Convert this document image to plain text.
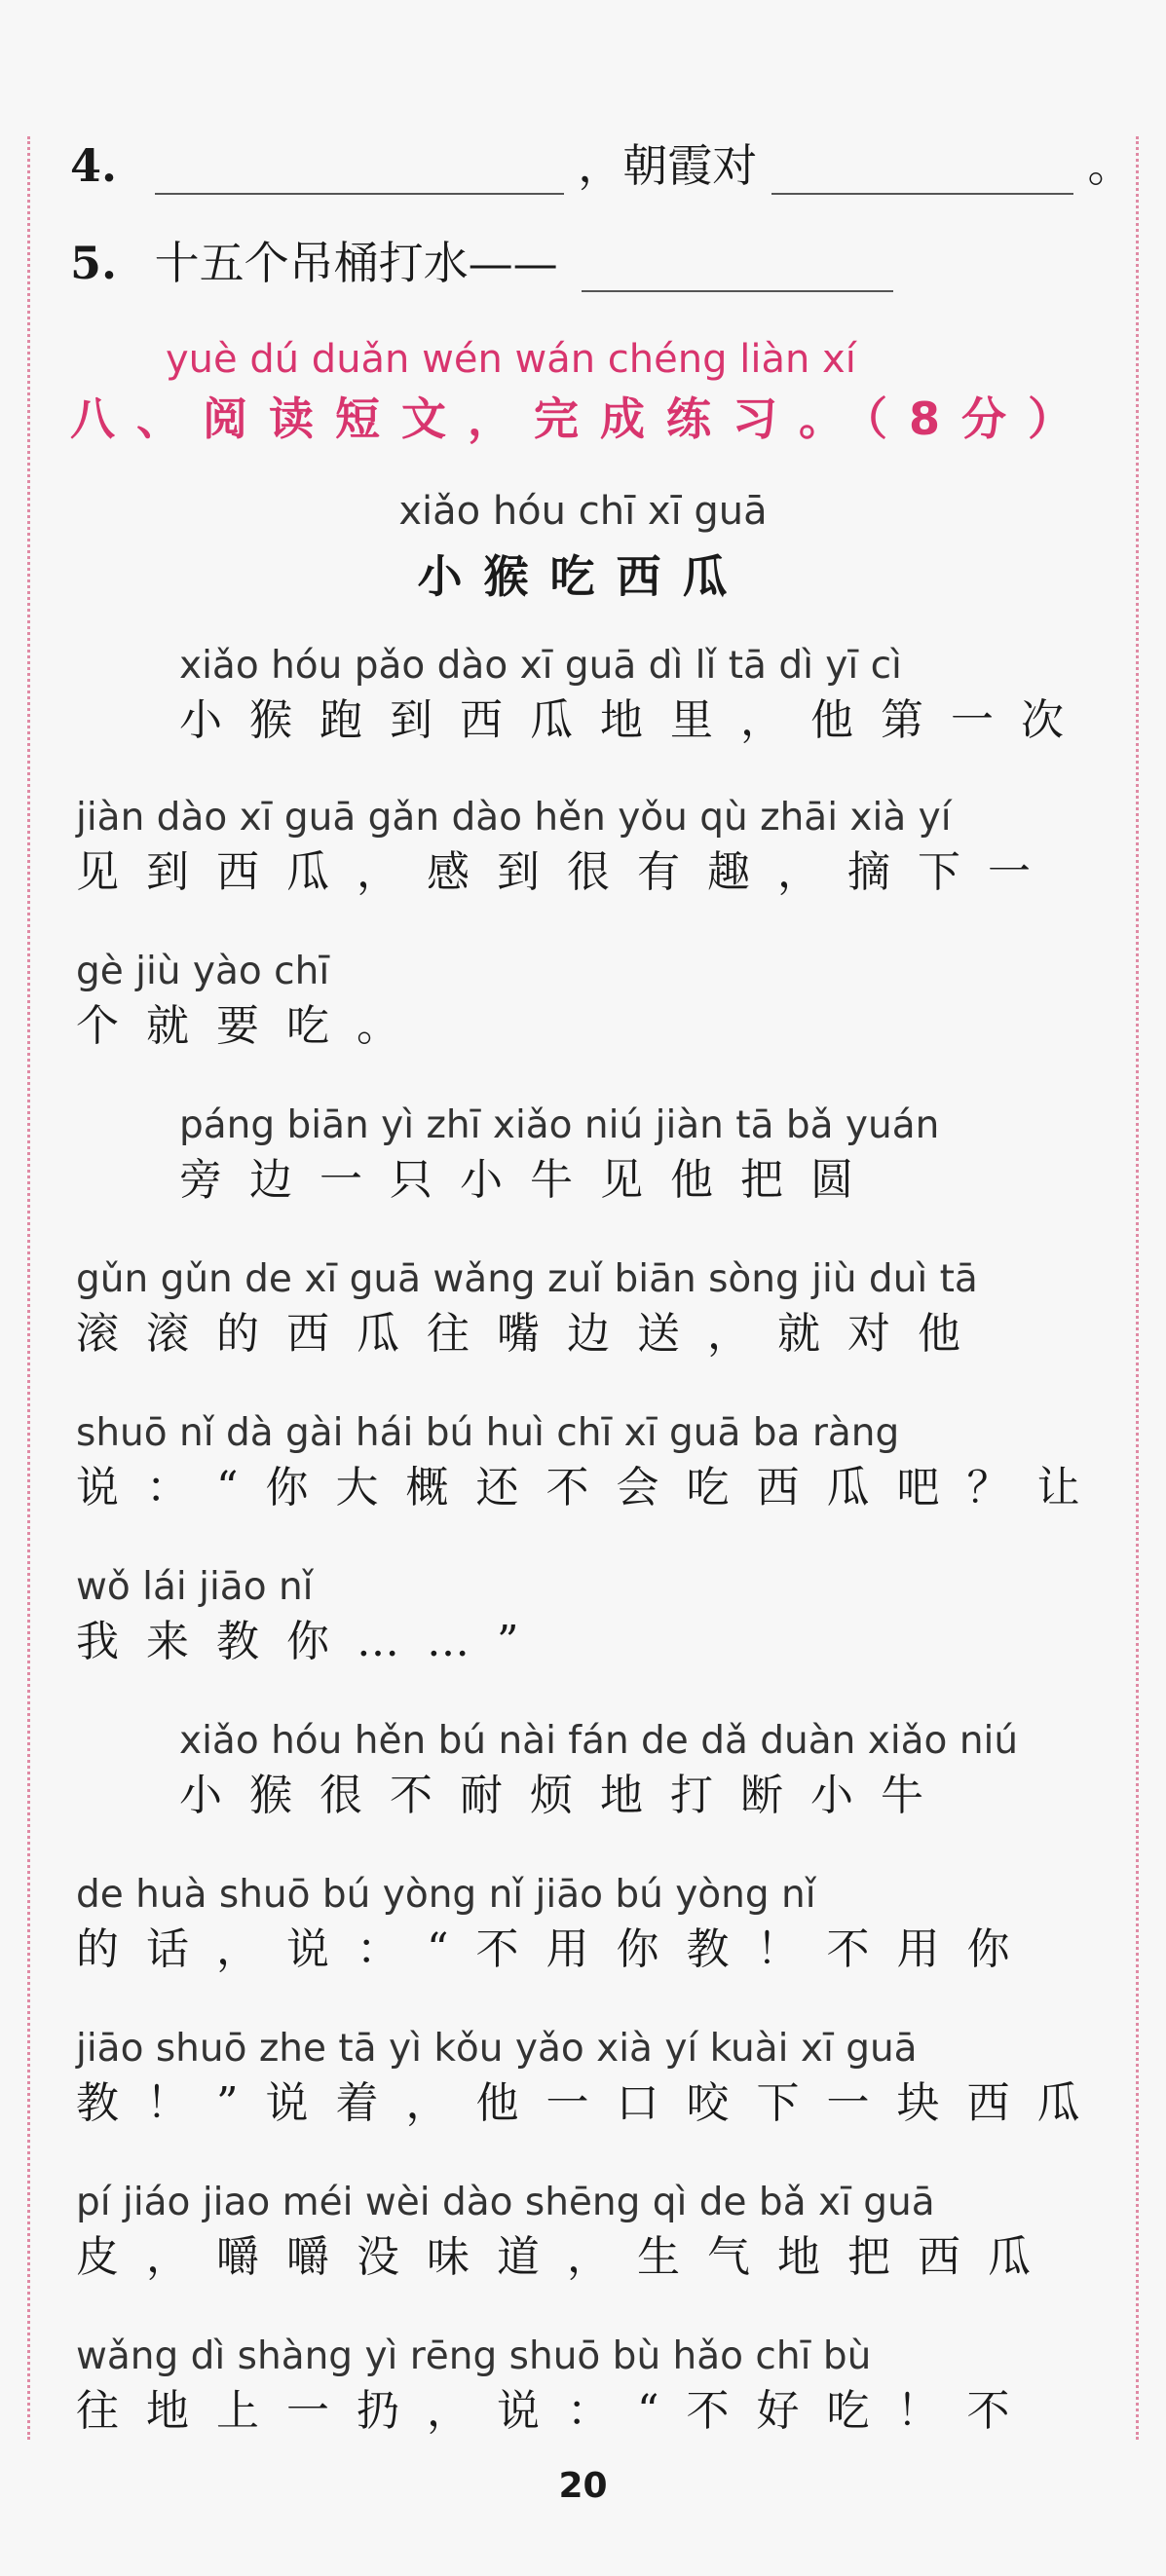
4.	，朝霞对	。
5. 十五个吊桶打水——
yuè dú duǎn wén wán chéng liàn xí
八、阅读短文，完成练习。（8分）
xiǎo hóu chī xī guā
小猴吃西瓜
xiǎo hóu pǎo dào xī guā dì lǐ tā dì yī cì
小猴跑到西瓜地里，他第一次
jiàn dào xī guā gǎn dào hěn yǒu qù zhāi xià yí
见到西瓜，感到很有趣，摘下一
gè jiù yào chī
个就要吃。
páng biān yì zhī xiǎo niú jiàn tā bǎ yuán
旁边一只小牛见他把圆
gǔn gǔn de xī guā wǎng zuǐ biān sòng jiù duì tā
滚滚的西瓜往嘴边送，就对他
shuō nǐ dà gài hái bú huì chī xī guā ba ràng
说：“你大概还不会吃西瓜吧？让
wǒ lái jiāo nǐ
我来教你……”
xiǎo hóu hěn bú nài fán de dǎ duàn xiǎo niú
小猴很不耐烦地打断小牛
de huà shuō bú yòng nǐ jiāo bú yòng nǐ
的话，说：“不用你教！不用你
jiāo shuō zhe tā yì kǒu yǎo xià yí kuài xī guā
教！”说着，他一口咬下一块西瓜
pí jiáo jiao méi wèi dào shēng qì de bǎ xī guā
皮，嚼嚼没味道，生气地把西瓜
wǎng dì shàng yì rēng shuō bù hǎo chī bù
往地上一扔，说：“不好吃！不
20
